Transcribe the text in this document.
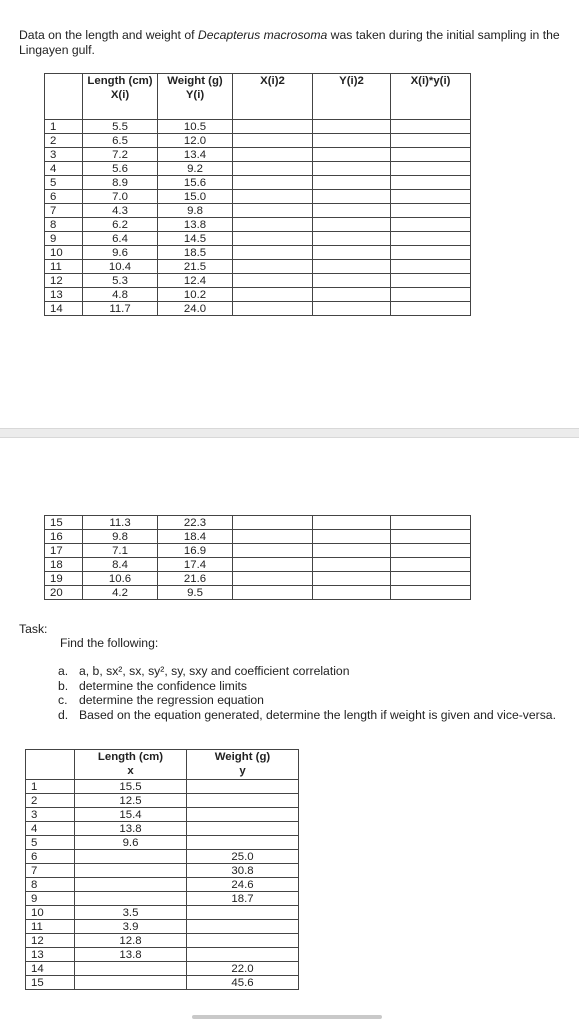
Data on the length and weight of Decapterus macrosoma was taken during the initial sampling in the Lingayen gulf.

	Length (cm) X(i)	Weight (g) Y(i)	X(i)2	Y(i)2	X(i)*y(i)
1	5.5	10.5			
2	6.5	12.0			
3	7.2	13.4			
4	5.6	9.2			
5	8.9	15.6			
6	7.0	15.0			
7	4.3	9.8			
8	6.2	13.8			
9	6.4	14.5			
10	9.6	18.5			
11	10.4	21.5			
12	5.3	12.4			
13	4.8	10.2			
14	11.7	24.0			
15	11.3	22.3			
16	9.8	18.4			
17	7.1	16.9			
18	8.4	17.4			
19	10.6	21.6			
20	4.2	9.5			
Task:
Find the following:
a. a, b, sx², sx, sy², sy, sxy and coefficient correlation
b. determine the confidence limits
c. determine the regression equation
d. Based on the equation generated, determine the length if weight is given and vice-versa.
	Length (cm)
x	Weight (g)
y
1	15.5	
2	12.5	
3	15.4	
4	13.8	
5	9.6	
6		25.0
7		30.8
8		24.6
9		18.7
10	3.5	
11	3.9	
12	12.8	
13	13.8	
14		22.0
15		45.6
